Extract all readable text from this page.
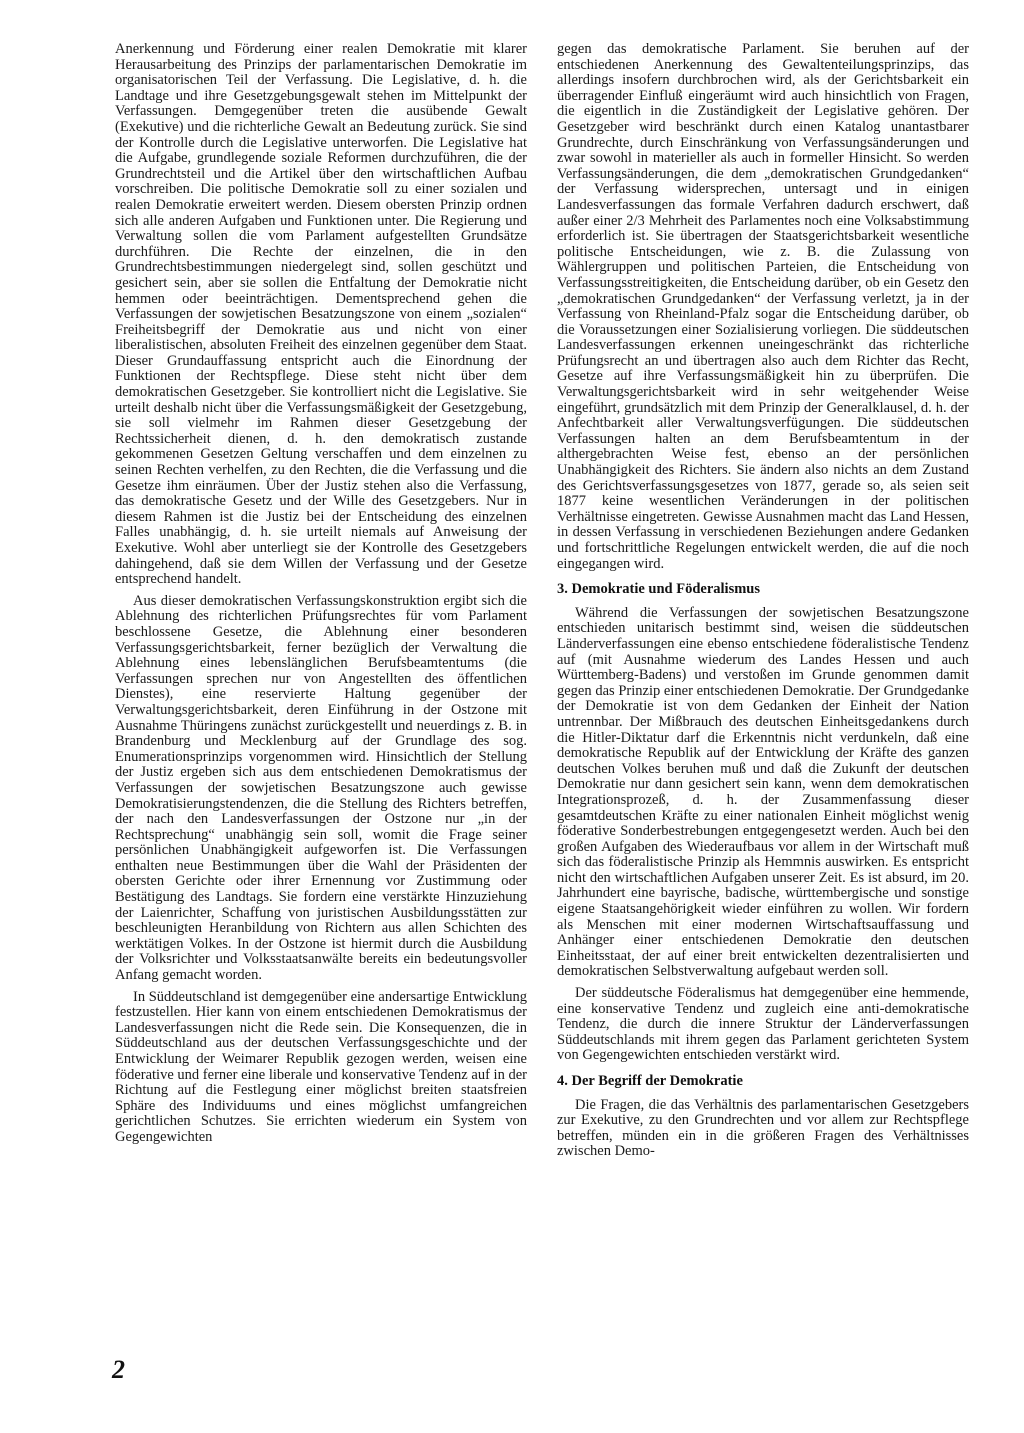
Anerkennung und Förderung einer realen Demokratie mit klarer Herausarbeitung des Prinzips der parlamentarischen Demokratie im organisatorischen Teil der Verfassung. Die Legislative, d. h. die Landtage und ihre Gesetzgebungsgewalt stehen im Mittelpunkt der Verfassungen. Demgegenüber treten die ausübende Gewalt (Exekutive) und die richterliche Gewalt an Bedeutung zurück. Sie sind der Kontrolle durch die Legislative unterworfen. Die Legislative hat die Aufgabe, grundlegende soziale Reformen durchzuführen, die der Grundrechtsteil und die Artikel über den wirtschaftlichen Aufbau vorschreiben. Die politische Demokratie soll zu einer sozialen und realen Demokratie erweitert werden. Diesem obersten Prinzip ordnen sich alle anderen Aufgaben und Funktionen unter. Die Regierung und Verwaltung sollen die vom Parlament aufgestellten Grundsätze durchführen. Die Rechte der einzelnen, die in den Grundrechtsbestimmungen niedergelegt sind, sollen geschützt und gesichert sein, aber sie sollen die Entfaltung der Demokratie nicht hemmen oder beeinträchtigen. Dementsprechend gehen die Verfassungen der sowjetischen Besatzungszone von einem „sozialen“ Freiheitsbegriff der Demokratie aus und nicht von einer liberalistischen, absoluten Freiheit des einzelnen gegenüber dem Staat. Dieser Grundauffassung entspricht auch die Einordnung der Funktionen der Rechtspflege. Diese steht nicht über dem demokratischen Gesetzgeber. Sie kontrolliert nicht die Legislative. Sie urteilt deshalb nicht über die Verfassungsmäßigkeit der Gesetzgebung, sie soll vielmehr im Rahmen dieser Gesetzgebung der Rechtssicherheit dienen, d. h. den demokratisch zustande gekommenen Gesetzen Geltung verschaffen und dem einzelnen zu seinen Rechten verhelfen, zu den Rechten, die die Verfassung und die Gesetze ihm einräumen. Über der Justiz stehen also die Verfassung, das demokratische Gesetz und der Wille des Gesetzgebers. Nur in diesem Rahmen ist die Justiz bei der Entscheidung des einzelnen Falles unabhängig, d. h. sie urteilt niemals auf Anweisung der Exekutive. Wohl aber unterliegt sie der Kontrolle des Gesetzgebers dahingehend, daß sie dem Willen der Verfassung und der Gesetze entsprechend handelt.

Aus dieser demokratischen Verfassungskonstruktion ergibt sich die Ablehnung des richterlichen Prüfungsrechtes für vom Parlament beschlossene Gesetze, die Ablehnung einer besonderen Verfassungsgerichtsbarkeit, ferner bezüglich der Verwaltung die Ablehnung eines lebenslänglichen Berufsbeamtentums (die Verfassungen sprechen nur von Angestellten des öffentlichen Dienstes), eine reservierte Haltung gegenüber der Verwaltungsgerichtsbarkeit, deren Einführung in der Ostzone mit Ausnahme Thüringens zunächst zurückgestellt und neuerdings z. B. in Brandenburg und Mecklenburg auf der Grundlage des sog. Enumerationsprinzips vorgenommen wird. Hinsichtlich der Stellung der Justiz ergeben sich aus dem entschiedenen Demokratismus der Verfassungen der sowjetischen Besatzungszone auch gewisse Demokratisierungstendenzen, die die Stellung des Richters betreffen, der nach den Landesverfassungen der Ostzone nur „in der Rechtsprechung“ unabhängig sein soll, womit die Frage seiner persönlichen Unabhängigkeit aufgeworfen ist. Die Verfassungen enthalten neue Bestimmungen über die Wahl der Präsidenten der obersten Gerichte oder ihrer Ernennung vor Zustimmung oder Bestätigung des Landtags. Sie fordern eine verstärkte Hinzuziehung der Laienrichter, Schaffung von juristischen Ausbildungsstätten zur beschleunigten Heranbildung von Richtern aus allen Schichten des werktätigen Volkes. In der Ostzone ist hiermit durch die Ausbildung der Volksrichter und Volksstaatsanwälte bereits ein bedeutungsvoller Anfang gemacht worden.

In Süddeutschland ist demgegenüber eine andersartige Entwicklung festzustellen. Hier kann von einem entschiedenen Demokratismus der Landesverfassungen nicht die Rede sein. Die Konsequenzen, die in Süddeutschland aus der deutschen Verfassungsgeschichte und der Entwicklung der Weimarer Republik gezogen werden, weisen eine föderative und ferner eine liberale und konservative Tendenz auf in der Richtung auf die Festlegung einer möglichst breiten staatsfreien Sphäre des Individuums und eines möglichst umfangreichen gerichtlichen Schutzes. Sie errichten wiederum ein System von Gegengewichten

gegen das demokratische Parlament. Sie beruhen auf der entschiedenen Anerkennung des Gewaltenteilungsprinzips, das allerdings insofern durchbrochen wird, als der Gerichtsbarkeit ein überragender Einfluß eingeräumt wird auch hinsichtlich von Fragen, die eigentlich in die Zuständigkeit der Legislative gehören. Der Gesetzgeber wird beschränkt durch einen Katalog unantastbarer Grundrechte, durch Einschränkung von Verfassungsänderungen und zwar sowohl in materieller als auch in formeller Hinsicht. So werden Verfassungsänderungen, die dem „demokratischen Grundgedanken“ der Verfassung widersprechen, untersagt und in einigen Landesverfassungen das formale Verfahren dadurch erschwert, daß außer einer 2/3 Mehrheit des Parlamentes noch eine Volksabstimmung erforderlich ist. Sie übertragen der Staatsgerichtsbarkeit wesentliche politische Entscheidungen, wie z. B. die Zulassung von Wählergruppen und politischen Parteien, die Entscheidung von Verfassungsstreitigkeiten, die Entscheidung darüber, ob ein Gesetz den „demokratischen Grundgedanken“ der Verfassung verletzt, ja in der Verfassung von Rheinland-Pfalz sogar die Entscheidung darüber, ob die Voraussetzungen einer Sozialisierung vorliegen. Die süddeutschen Landesverfassungen erkennen uneingeschränkt das richterliche Prüfungsrecht an und übertragen also auch dem Richter das Recht, Gesetze auf ihre Verfassungsmäßigkeit hin zu überprüfen. Die Verwaltungsgerichtsbarkeit wird in sehr weitgehender Weise eingeführt, grundsätzlich mit dem Prinzip der Generalklausel, d. h. der Anfechtbarkeit aller Verwaltungsverfügungen. Die süddeutschen Verfassungen halten an dem Berufsbeamtentum in der althergebrachten Weise fest, ebenso an der persönlichen Unabhängigkeit des Richters. Sie ändern also nichts an dem Zustand des Gerichtsverfassungsgesetzes von 1877, gerade so, als seien seit 1877 keine wesentlichen Veränderungen in der politischen Verhältnisse eingetreten. Gewisse Ausnahmen macht das Land Hessen, in dessen Verfassung in verschiedenen Beziehungen andere Gedanken und fortschrittliche Regelungen entwickelt werden, die auf die noch eingegangen wird.

3. Demokratie und Föderalismus

Während die Verfassungen der sowjetischen Besatzungszone entschieden unitarisch bestimmt sind, weisen die süddeutschen Länderverfassungen eine ebenso entschiedene föderalistische Tendenz auf (mit Ausnahme wiederum des Landes Hessen und auch Württemberg-Badens) und verstoßen im Grunde genommen damit gegen das Prinzip einer entschiedenen Demokratie. Der Grundgedanke der Demokratie ist von dem Gedanken der Einheit der Nation untrennbar. Der Mißbrauch des deutschen Einheitsgedankens durch die Hitler-Diktatur darf die Erkenntnis nicht verdunkeln, daß eine demokratische Republik auf der Entwicklung der Kräfte des ganzen deutschen Volkes beruhen muß und daß die Zukunft der deutschen Demokratie nur dann gesichert sein kann, wenn dem demokratischen Integrationsprozeß, d. h. der Zusammenfassung dieser gesamtdeutschen Kräfte zu einer nationalen Einheit möglichst wenig föderative Sonderbestrebungen entgegengesetzt werden. Auch bei den großen Aufgaben des Wiederaufbaus vor allem in der Wirtschaft muß sich das föderalistische Prinzip als Hemmnis auswirken. Es entspricht nicht den wirtschaftlichen Aufgaben unserer Zeit. Es ist absurd, im 20. Jahrhundert eine bayrische, badische, württembergische und sonstige eigene Staatsangehörigkeit wieder einführen zu wollen. Wir fordern als Menschen mit einer modernen Wirtschaftsauffassung und Anhänger einer entschiedenen Demokratie den deutschen Einheitsstaat, der auf einer breit entwickelten dezentralisierten und demokratischen Selbstverwaltung aufgebaut werden soll.

Der süddeutsche Föderalismus hat demgegenüber eine hemmende, eine konservative Tendenz und zugleich eine anti-demokratische Tendenz, die durch die innere Struktur der Länderverfassungen Süddeutschlands mit ihrem gegen das Parlament gerichteten System von Gegengewichten entschieden verstärkt wird.

4. Der Begriff der Demokratie

Die Fragen, die das Verhältnis des parlamentarischen Gesetzgebers zur Exekutive, zu den Grundrechten und vor allem zur Rechtspflege betreffen, münden ein in die größeren Fragen des Verhältnisses zwischen Demo-

2
